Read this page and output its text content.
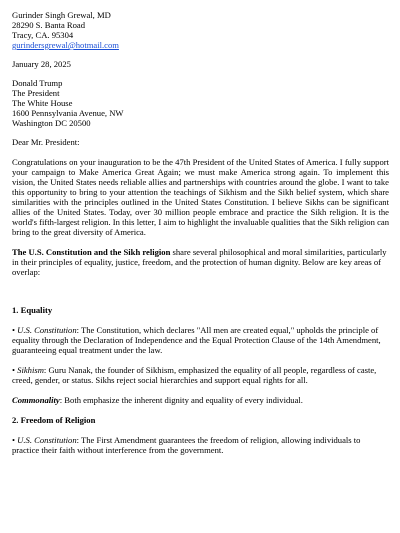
Gurinder Singh Grewal, MD

28290 S. Banta Road

Tracy, CA. 95304

gurindersgrewal@hotmail.com

January 28, 2025

Donald Trump

The President

The White House

1600 Pennsylvania Avenue, NW

Washington DC 20500

Dear Mr. President:

Congratulations on your inauguration to be the 47th President of the United States of America. I fully support your campaign to Make America Great Again; we must make America strong again. To implement this vision, the United States needs reliable allies and partnerships with countries around the globe. I want to take this opportunity to bring to your attention the teachings of Sikhism and the Sikh belief system, which share similarities with the principles outlined in the United States Constitution. I believe Sikhs can be significant allies of the United States. Today, over 30 million people embrace and practice the Sikh religion. It is the world's fifth-largest religion. In this letter, I aim to highlight the invaluable qualities that the Sikh religion can bring to the great diversity of America.

The U.S. Constitution and the Sikh religion share several philosophical and moral similarities, particularly in their principles of equality, justice, freedom, and the protection of human dignity. Below are key areas of overlap:

1. Equality

• U.S. Constitution: The Constitution, which declares "All men are created equal," upholds the principle of equality through the Declaration of Independence and the Equal Protection Clause of the 14th Amendment, guaranteeing equal treatment under the law.

• Sikhism: Guru Nanak, the founder of Sikhism, emphasized the equality of all people, regardless of caste, creed, gender, or status. Sikhs reject social hierarchies and support equal rights for all.

Commonality: Both emphasize the inherent dignity and equality of every individual.

2. Freedom of Religion

• U.S. Constitution: The First Amendment guarantees the freedom of religion, allowing individuals to practice their faith without interference from the government.
